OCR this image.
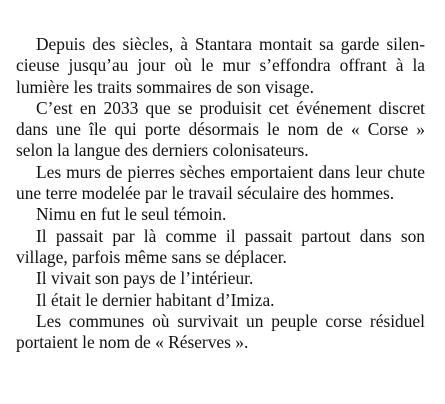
Depuis des siècles, à Stantara montait sa garde silencieuse jusqu’au jour où le mur s’effondra offrant à la lumière les traits sommaires de son visage.

C’est en 2033 que se produisit cet événement discret dans une île qui porte désormais le nom de « Corse » selon la langue des derniers colonisateurs.

Les murs de pierres sèches emportaient dans leur chute une terre modelée par le travail séculaire des hommes.

Nimu en fut le seul témoin.

Il passait par là comme il passait partout dans son village, parfois même sans se déplacer.

Il vivait son pays de l’intérieur.

Il était le dernier habitant d’Imiza.

Les communes où survivait un peuple corse résiduel portaient le nom de « Réserves ».
